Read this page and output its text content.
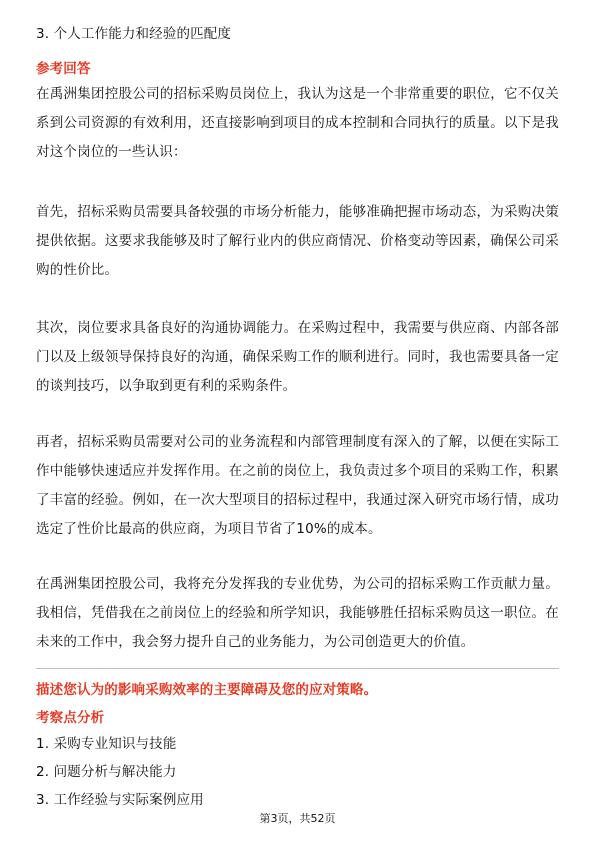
3. 个人工作能力和经验的匹配度
参考回答
在禹洲集团控股公司的招标采购员岗位上，我认为这是一个非常重要的职位，它不仅关系到公司资源的有效利用，还直接影响到项目的成本控制和合同执行的质量。以下是我对这个岗位的一些认识：
首先，招标采购员需要具备较强的市场分析能力，能够准确把握市场动态，为采购决策提供依据。这要求我能够及时了解行业内的供应商情况、价格变动等因素，确保公司采购的性价比。
其次，岗位要求具备良好的沟通协调能力。在采购过程中，我需要与供应商、内部各部门以及上级领导保持良好的沟通，确保采购工作的顺利进行。同时，我也需要具备一定的谈判技巧，以争取到更有利的采购条件。
再者，招标采购员需要对公司的业务流程和内部管理制度有深入的了解，以便在实际工作中能够快速适应并发挥作用。在之前的岗位上，我负责过多个项目的采购工作，积累了丰富的经验。例如，在一次大型项目的招标过程中，我通过深入研究市场行情，成功选定了性价比最高的供应商，为项目节省了10%的成本。
在禹洲集团控股公司，我将充分发挥我的专业优势，为公司的招标采购工作贡献力量。我相信，凭借我在之前岗位上的经验和所学知识，我能够胜任招标采购员这一职位。在未来的工作中，我会努力提升自己的业务能力，为公司创造更大的价值。
描述您认为的影响采购效率的主要障碍及您的应对策略。
考察点分析
1. 采购专业知识与技能
2. 问题分析与解决能力
3. 工作经验与实际案例应用
第3页，共52页
